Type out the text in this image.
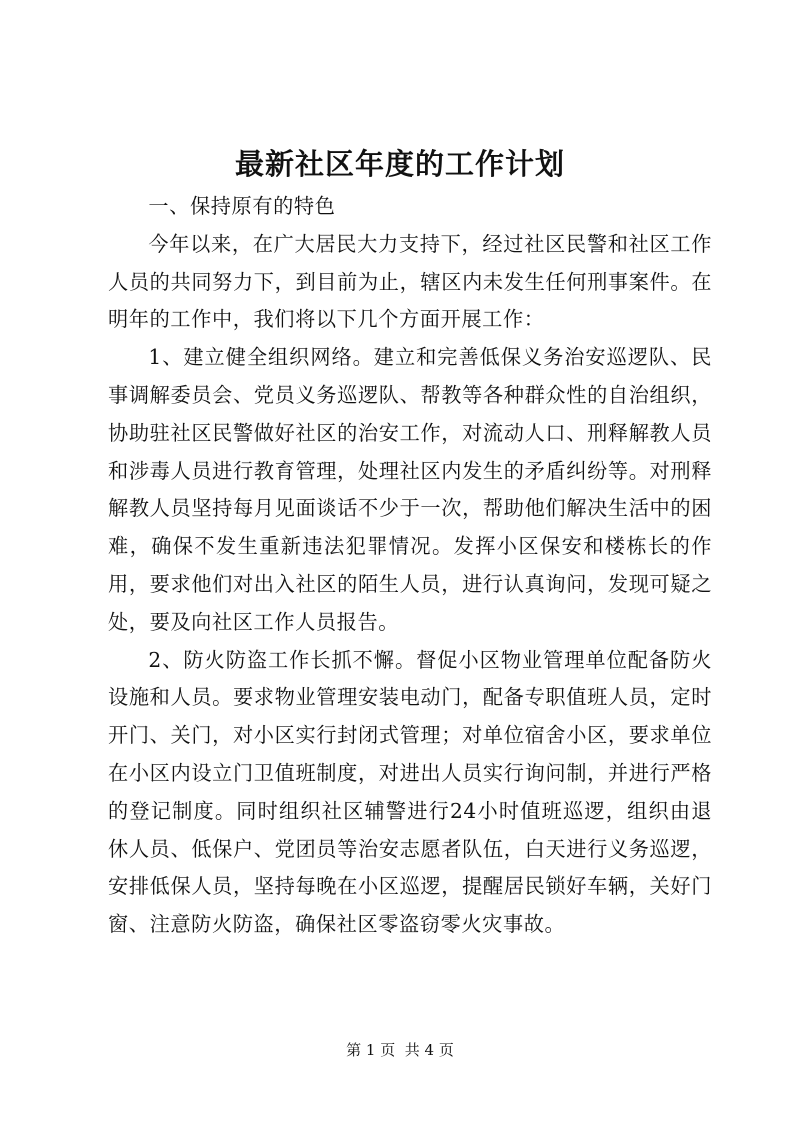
最新社区年度的工作计划

一、保持原有的特色

今年以来，在广大居民大力支持下，经过社区民警和社区工作人员的共同努力下，到目前为止，辖区内未发生任何刑事案件。在明年的工作中，我们将以下几个方面开展工作：

1、建立健全组织网络。建立和完善低保义务治安巡逻队、民事调解委员会、党员义务巡逻队、帮教等各种群众性的自治组织，协助驻社区民警做好社区的治安工作，对流动人口、刑释解教人员和涉毒人员进行教育管理，处理社区内发生的矛盾纠纷等。对刑释解教人员坚持每月见面谈话不少于一次，帮助他们解决生活中的困难，确保不发生重新违法犯罪情况。发挥小区保安和楼栋长的作用，要求他们对出入社区的陌生人员，进行认真询问，发现可疑之处，要及向社区工作人员报告。

2、防火防盗工作长抓不懈。督促小区物业管理单位配备防火设施和人员。要求物业管理安装电动门，配备专职值班人员，定时开门、关门，对小区实行封闭式管理；对单位宿舍小区，要求单位在小区内设立门卫值班制度，对进出人员实行询问制，并进行严格的登记制度。同时组织社区辅警进行24小时值班巡逻，组织由退休人员、低保户、党团员等治安志愿者队伍，白天进行义务巡逻，安排低保人员，坚持每晚在小区巡逻，提醒居民锁好车辆，关好门窗、注意防火防盗，确保社区零盗窃零火灾事故。

第 1 页  共 4 页
